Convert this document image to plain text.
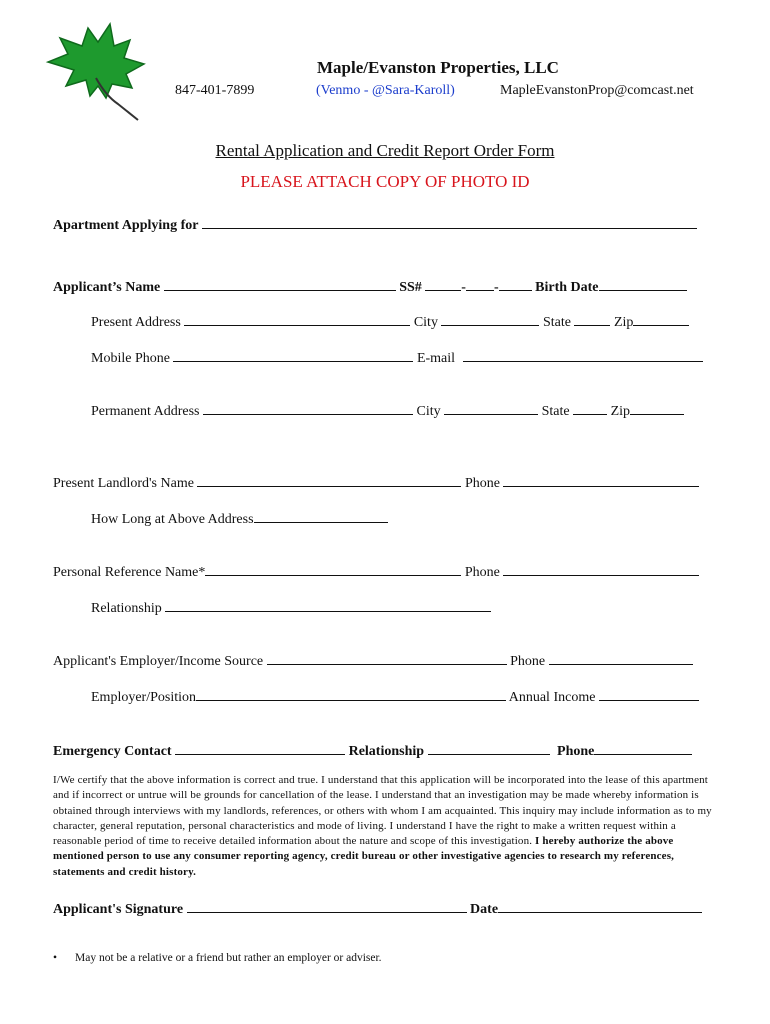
Maple/Evanston Properties, LLC
847-401-7899	(Venmo - @Sara-Karoll)	MapleEvanstonProp@comcast.net
Rental Application and Credit Report Order Form
PLEASE ATTACH COPY OF PHOTO ID
Apartment Applying for
Applicant’s Name	SS#	- -	Birth Date
Present Address	City	State	Zip
Mobile Phone	E-mail
Permanent Address	City	State	Zip
Present Landlord's Name	Phone
How Long at Above Address
Personal Reference Name*	Phone
Relationship
Applicant's Employer/Income Source	Phone
Employer/Position	Annual Income
Emergency Contact	Relationship	Phone
I/We certify that the above information is correct and true. I understand that this application will be incorporated into the lease of this apartment and if incorrect or untrue will be grounds for cancellation of the lease. I understand that an investigation may be made whereby information is obtained through interviews with my landlords, references, or others with whom I am acquainted. This inquiry may include information as to my character, general reputation, personal characteristics and mode of living. I understand I have the right to make a written request within a reasonable period of time to receive detailed information about the nature and scope of this investigation. I hereby authorize the above mentioned person to use any consumer reporting agency, credit bureau or other investigative agencies to research my references, statements and credit history.
Applicant's Signature	Date
• May not be a relative or a friend but rather an employer or adviser.
